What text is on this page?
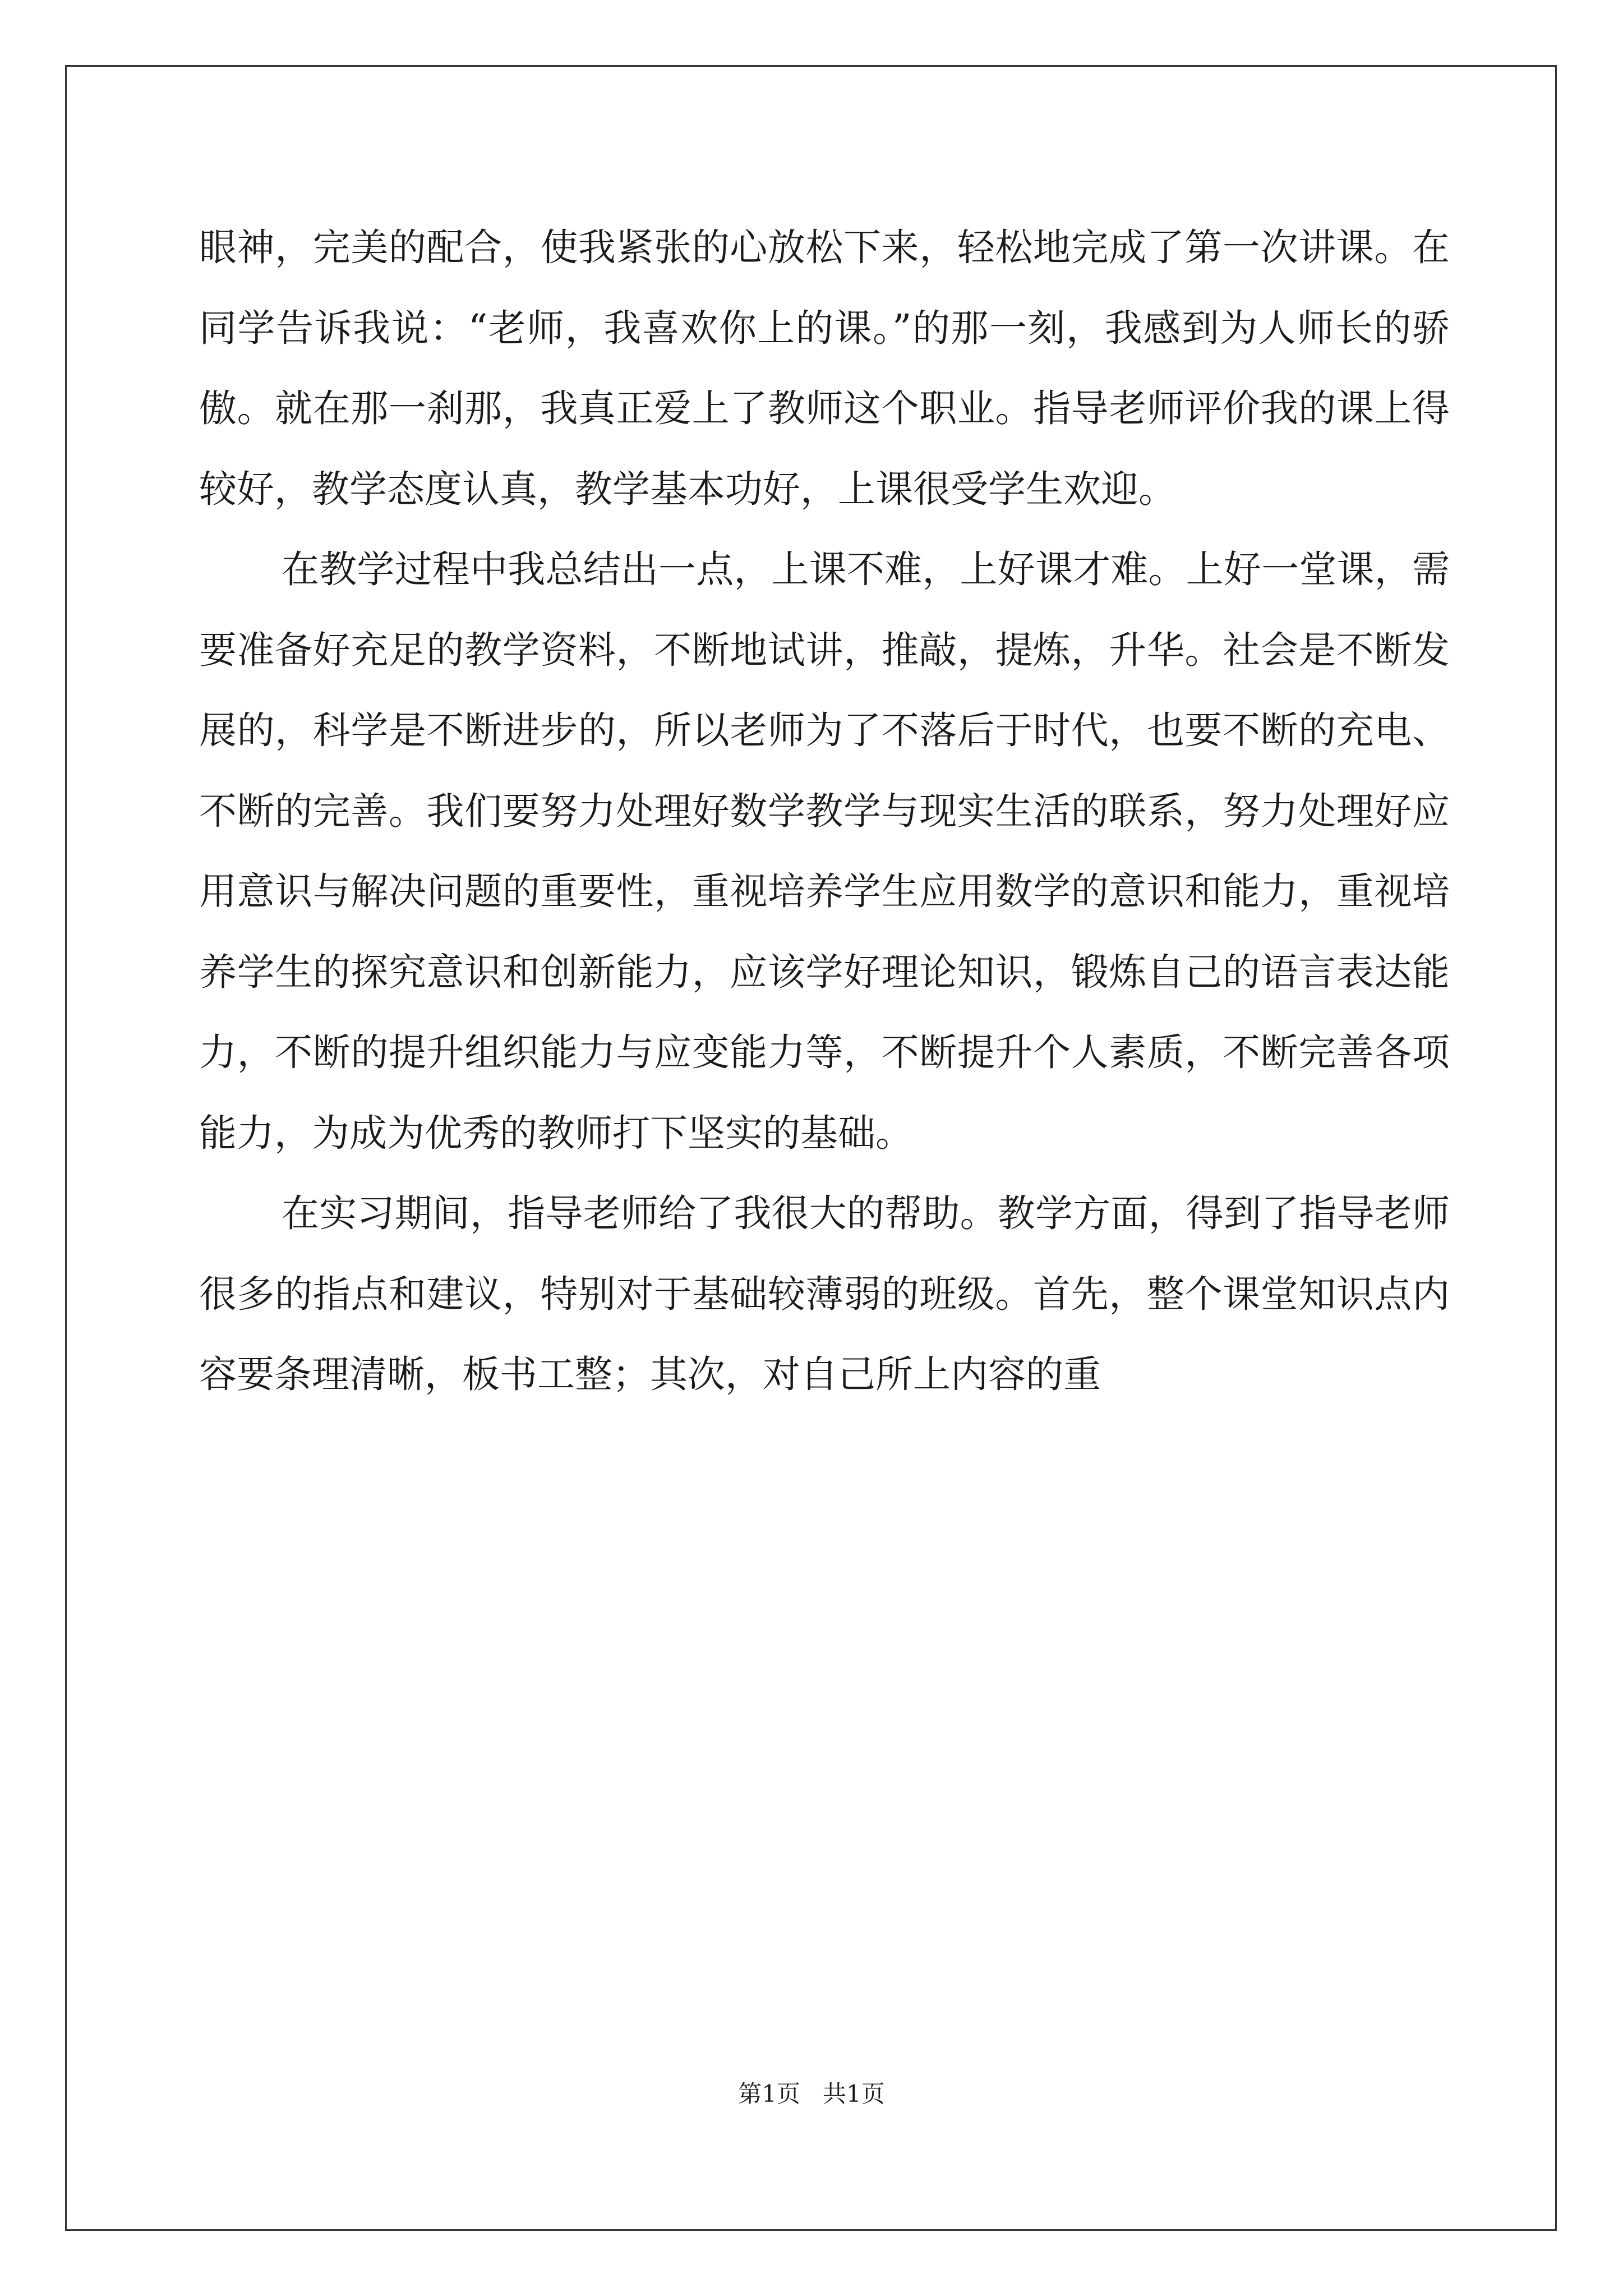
眼神，完美的配合，使我紧张的心放松下来，轻松地完成了第一次讲课。在同学告诉我说：“老师，我喜欢你上的课。”的那一刻，我感到为人师长的骄傲。就在那一刹那，我真正爱上了教师这个职业。指导老师评价我的课上得较好，教学态度认真，教学基本功好，上课很受学生欢迎。

在教学过程中我总结出一点，上课不难，上好课才难。上好一堂课，需要准备好充足的教学资料，不断地试讲，推敲，提炼，升华。社会是不断发展的，科学是不断进步的，所以老师为了不落后于时代，也要不断的充电、不断的完善。我们要努力处理好数学教学与现实生活的联系，努力处理好应用意识与解决问题的重要性，重视培养学生应用数学的意识和能力，重视培养学生的探究意识和创新能力，应该学好理论知识，锻炼自己的语言表达能力，不断的提升组织能力与应变能力等，不断提升个人素质，不断完善各项能力，为成为优秀的教师打下坚实的基础。

在实习期间，指导老师给了我很大的帮助。教学方面，得到了指导老师很多的指点和建议，特别对于基础较薄弱的班级。首先，整个课堂知识点内容要条理清晰，板书工整；其次，对自己所上内容的重

第1页 共1页
